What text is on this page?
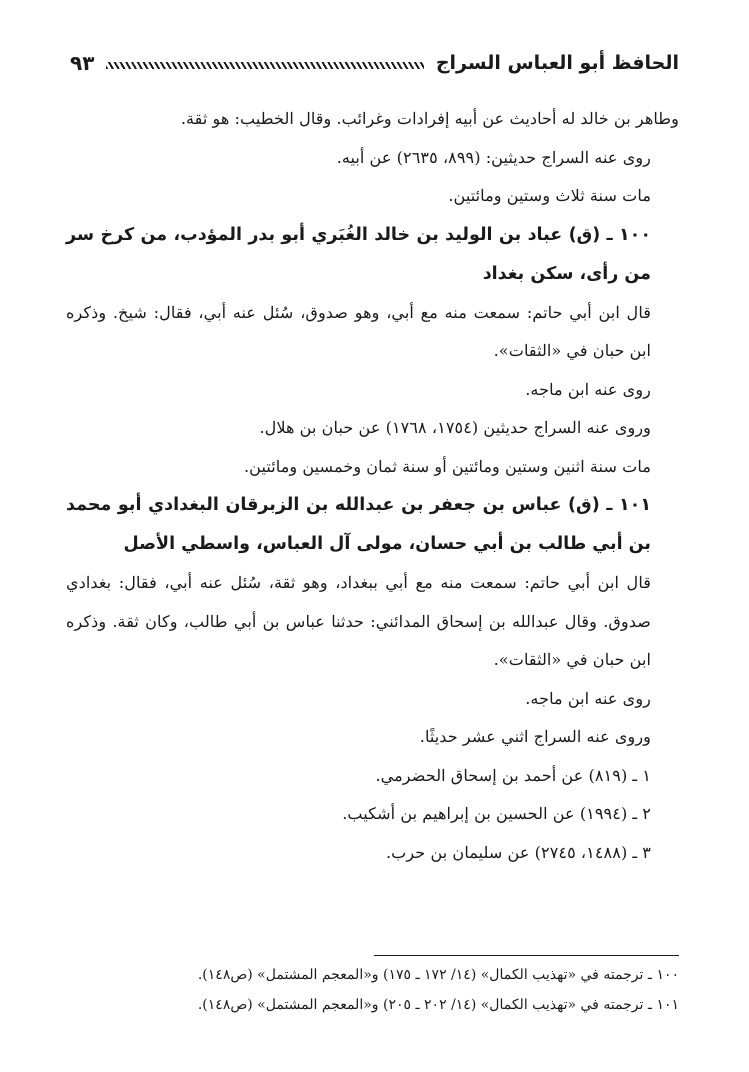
الحافظ أبو العباس السراج
٩٣

وطاهر بن خالد له أحاديث عن أبيه إفرادات وغرائب. وقال الخطيب: هو ثقة.

روى عنه السراج حديثين: (٨٩٩، ٢٦٣٥) عن أبيه.

مات سنة ثلاث وستين ومائتين.

١٠٠ ـ (ق) عباد بن الوليد بن خالد الغُبَري أبو بدر المؤدب، من كرخ سر من رأى، سكن بغداد

قال ابن أبي حاتم: سمعت منه مع أبي، وهو صدوق، سُئل عنه أبي، فقال: شيخ. وذكره ابن حبان في «الثقات».

روى عنه ابن ماجه.

وروى عنه السراج حديثين (١٧٥٤، ١٧٦٨) عن حبان بن هلال.

مات سنة اثنين وستين ومائتين أو سنة ثمان وخمسين ومائتين.

١٠١ ـ (ق) عباس بن جعفر بن عبدالله بن الزبرقان البغدادي أبو محمد بن أبي طالب بن أبي حسان، مولى آل العباس، واسطي الأصل

قال ابن أبي حاتم: سمعت منه مع أبي ببغداد، وهو ثقة، سُئل عنه أبي، فقال: بغدادي صدوق. وقال عبدالله بن إسحاق المدائني: حدثنا عباس بن أبي طالب، وكان ثقة. وذكره ابن حبان في «الثقات».

روى عنه ابن ماجه.

وروى عنه السراج اثني عشر حديثًا.

١ ـ (٨١٩) عن أحمد بن إسحاق الحضرمي.

٢ ـ (١٩٩٤) عن الحسين بن إبراهيم بن أشكيب.

٣ ـ (١٤٨٨، ٢٧٤٥) عن سليمان بن حرب.

١٠٠ ـ ترجمته في «تهذيب الكمال» (١٤/ ١٧٢ ـ ١٧٥) و«المعجم المشتمل» (ص١٤٨).

١٠١ ـ ترجمته في «تهذيب الكمال» (١٤/ ٢٠٢ ـ ٢٠٥) و«المعجم المشتمل» (ص١٤٨).
